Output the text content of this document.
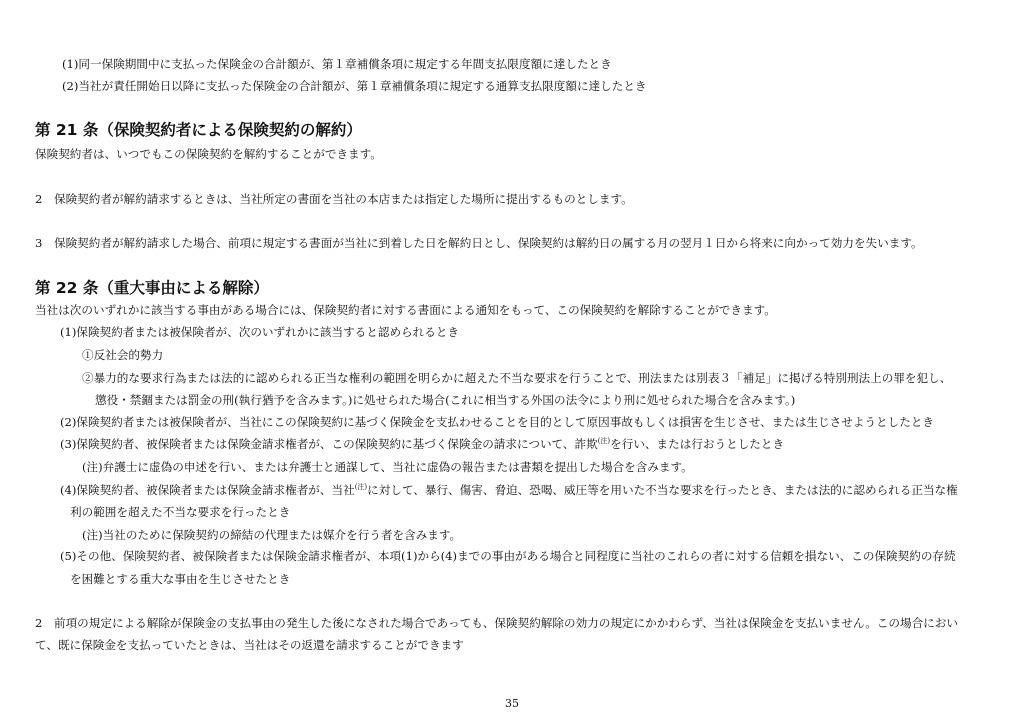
(1)同一保険期間中に支払った保険金の合計額が、第１章補償条項に規定する年間支払限度額に達したとき
(2)当社が責任開始日以降に支払った保険金の合計額が、第１章補償条項に規定する通算支払限度額に達したとき
第 21 条（保険契約者による保険契約の解約）
保険契約者は、いつでもこの保険契約を解約することができます。
2　保険契約者が解約請求するときは、当社所定の書面を当社の本店または指定した場所に提出するものとします。
3　保険契約者が解約請求した場合、前項に規定する書面が当社に到着した日を解約日とし、保険契約は解約日の属する月の翌月１日から将来に向かって効力を失います。
第 22 条（重大事由による解除）
当社は次のいずれかに該当する事由がある場合には、保険契約者に対する書面による通知をもって、この保険契約を解除することができます。
(1)保険契約者または被保険者が、次のいずれかに該当すると認められるとき
①反社会的勢力
②暴力的な要求行為または法的に認められる正当な権利の範囲を明らかに超えた不当な要求を行うことで、刑法または別表３「補足」に掲げる特別刑法上の罪を犯し、
懲役・禁錮または罰金の刑(執行猶予を含みます。)に処せられた場合(これに相当する外国の法令により刑に処せられた場合を含みます。)
(2)保険契約者または被保険者が、当社にこの保険契約に基づく保険金を支払わせることを目的として原因事故もしくは損害を生じさせ、または生じさせようとしたとき
(3)保険契約者、被保険者または保険金請求権者が、この保険契約に基づく保険金の請求について、詐欺$^{(注)}$を行い、または行おうとしたとき
(注)弁護士に虚偽の申述を行い、または弁護士と通謀して、当社に虚偽の報告または書類を提出した場合を含みます。
(4)保険契約者、被保険者または保険金請求権者が、当社$^{(注)}$に対して、暴行、傷害、脅迫、恐喝、威圧等を用いた不当な要求を行ったとき、または法的に認められる正当な権
利の範囲を超えた不当な要求を行ったとき
(注)当社のために保険契約の締結の代理または媒介を行う者を含みます。
(5)その他、保険契約者、被保険者または保険金請求権者が、本項(1)から(4)までの事由がある場合と同程度に当社のこれらの者に対する信頼を損ない、この保険契約の存続
を困難とする重大な事由を生じさせたとき
2　前項の規定による解除が保険金の支払事由の発生した後になされた場合であっても、保険契約解除の効力の規定にかかわらず、当社は保険金を支払いません。この場合におい
て、既に保険金を支払っていたときは、当社はその返還を請求することができます
35
